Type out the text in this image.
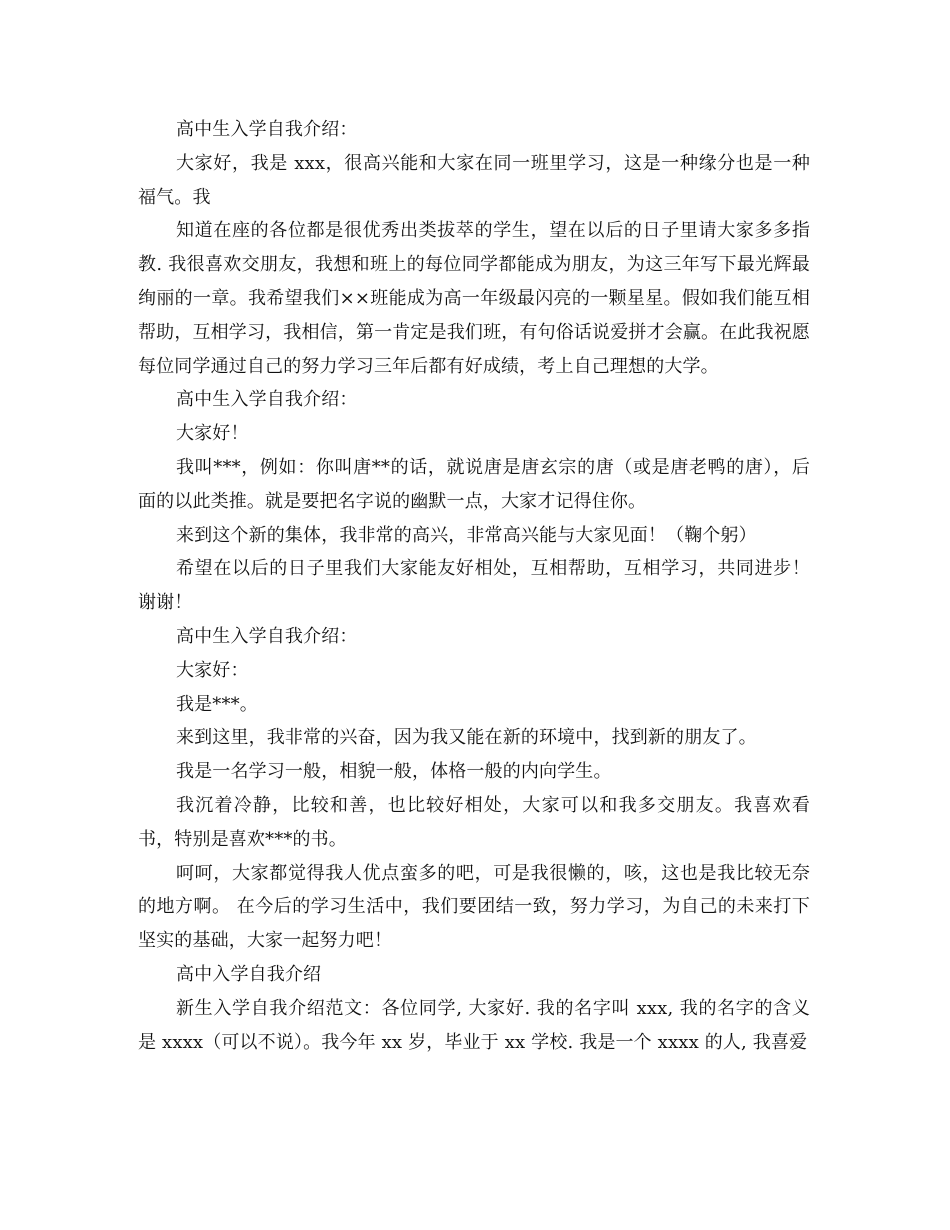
高中生入学自我介绍：

大家好，我是 xxx，很高兴能和大家在同一班里学习，这是一种缘分也是一种福气。我

知道在座的各位都是很优秀出类拔萃的学生，望在以后的日子里请大家多多指教. 我很喜欢交朋友，我想和班上的每位同学都能成为朋友，为这三年写下最光辉最绚丽的一章。我希望我们××班能成为高一年级最闪亮的一颗星星。假如我们能互相帮助，互相学习，我相信，第一肯定是我们班，有句俗话说爱拼才会赢。在此我祝愿每位同学通过自己的努力学习三年后都有好成绩，考上自己理想的大学。

高中生入学自我介绍：

大家好！

我叫***，例如：你叫唐**的话，就说唐是唐玄宗的唐（或是唐老鸭的唐），后面的以此类推。就是要把名字说的幽默一点，大家才记得住你。

来到这个新的集体，我非常的高兴，非常高兴能与大家见面！（鞠个躬）

希望在以后的日子里我们大家能友好相处，互相帮助，互相学习，共同进步！谢谢！

高中生入学自我介绍：

大家好：

我是***。

来到这里，我非常的兴奋，因为我又能在新的环境中，找到新的朋友了。

我是一名学习一般，相貌一般，体格一般的内向学生。

我沉着冷静，比较和善，也比较好相处，大家可以和我多交朋友。我喜欢看书，特别是喜欢***的书。

呵呵，大家都觉得我人优点蛮多的吧，可是我很懒的，咳，这也是我比较无奈的地方啊。 在今后的学习生活中，我们要团结一致，努力学习，为自己的未来打下坚实的基础，大家一起努力吧！

高中入学自我介绍

新生入学自我介绍范文：各位同学, 大家好. 我的名字叫 xxx, 我的名字的含义是 xxxx（可以不说）。我今年 xx 岁，毕业于 xx 学校. 我是一个 xxxx 的人, 我喜爱
